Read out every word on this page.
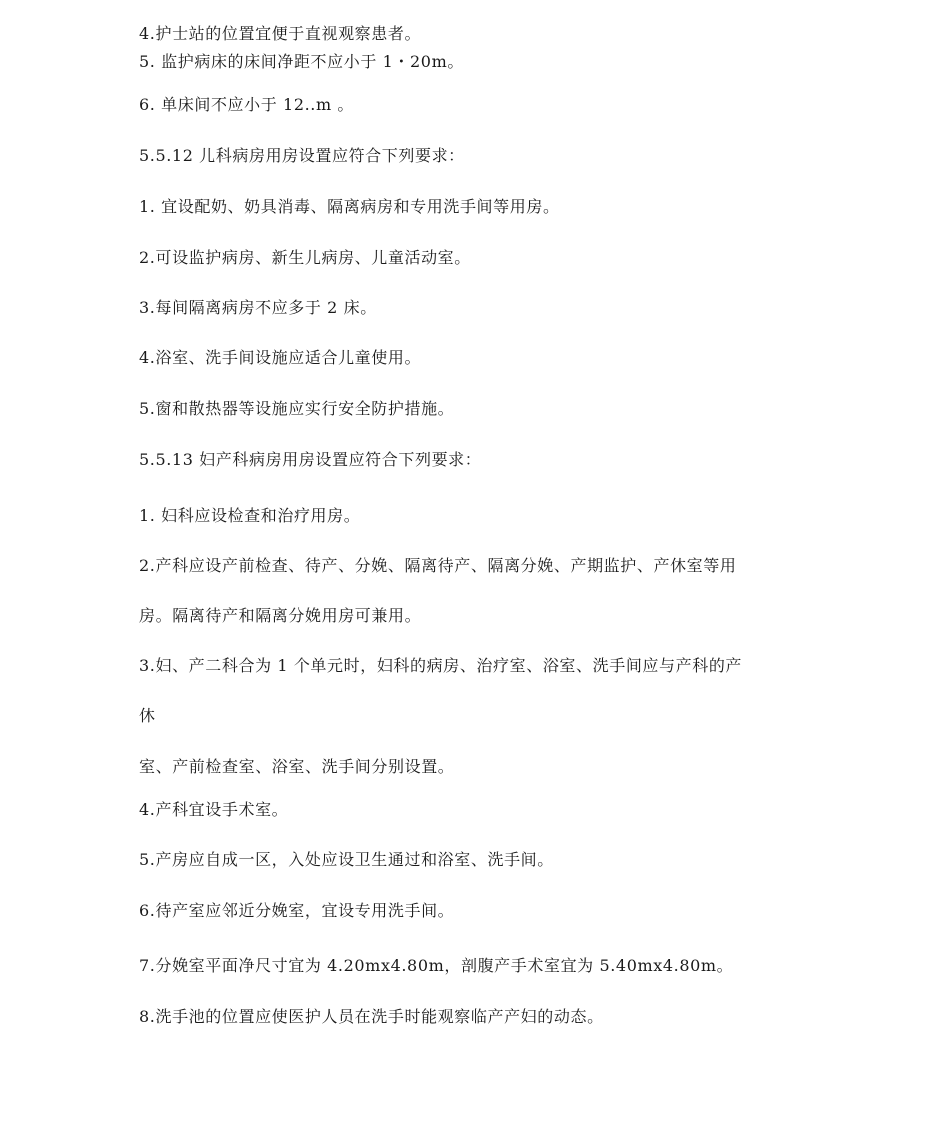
4.护士站的位置宜便于直视观察患者。
5. 监护病床的床间净距不应小于 1・20m。
6. 单床间不应小于 12..m 。
5.5.12 儿科病房用房设置应符合下列要求：
1. 宜设配奶、奶具消毒、隔离病房和专用洗手间等用房。
2.可设监护病房、新生儿病房、儿童活动室。
3.每间隔离病房不应多于 2 床。
4.浴室、洗手间设施应适合儿童使用。
5.窗和散热器等设施应实行安全防护措施。
5.5.13 妇产科病房用房设置应符合下列要求：
1. 妇科应设检查和治疗用房。
2.产科应设产前检查、待产、分娩、隔离待产、隔离分娩、产期监护、产休室等用
房。隔离待产和隔离分娩用房可兼用。
3.妇、产二科合为 1 个单元时，妇科的病房、治疗室、浴室、洗手间应与产科的产
休
室、产前检查室、浴室、洗手间分别设置。
4.产科宜设手术室。
5.产房应自成一区，入处应设卫生通过和浴室、洗手间。
6.待产室应邻近分娩室，宜设专用洗手间。
7.分娩室平面净尺寸宜为 4.20mx4.80m，剖腹产手术室宜为 5.40mx4.80m。
8.洗手池的位置应使医护人员在洗手时能观察临产产妇的动态。
